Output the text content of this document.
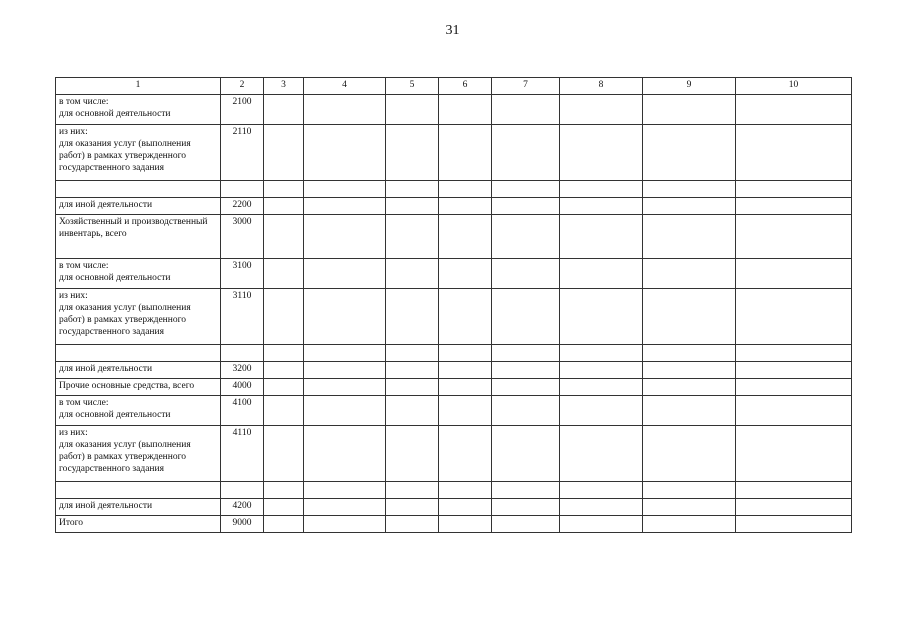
31
1	2	3	4	5	6	7	8	9	10
в том числе:
для основной деятельности	2100								
из них:
для оказания услуг (выполнения работ) в рамках утвержденного государственного задания	2110								

для иной деятельности	2200								
Хозяйственный и производственный инвентарь, всего	3000								
в том числе:
для основной деятельности	3100								
из них:
для оказания услуг (выполнения работ) в рамках утвержденного государственного задания	3110								

для иной деятельности	3200								
Прочие основные средства, всего	4000								
в том числе:
для основной деятельности	4100								
из них:
для оказания услуг (выполнения работ) в рамках утвержденного государственного задания	4110								

для иной деятельности	4200								
Итого	9000								
